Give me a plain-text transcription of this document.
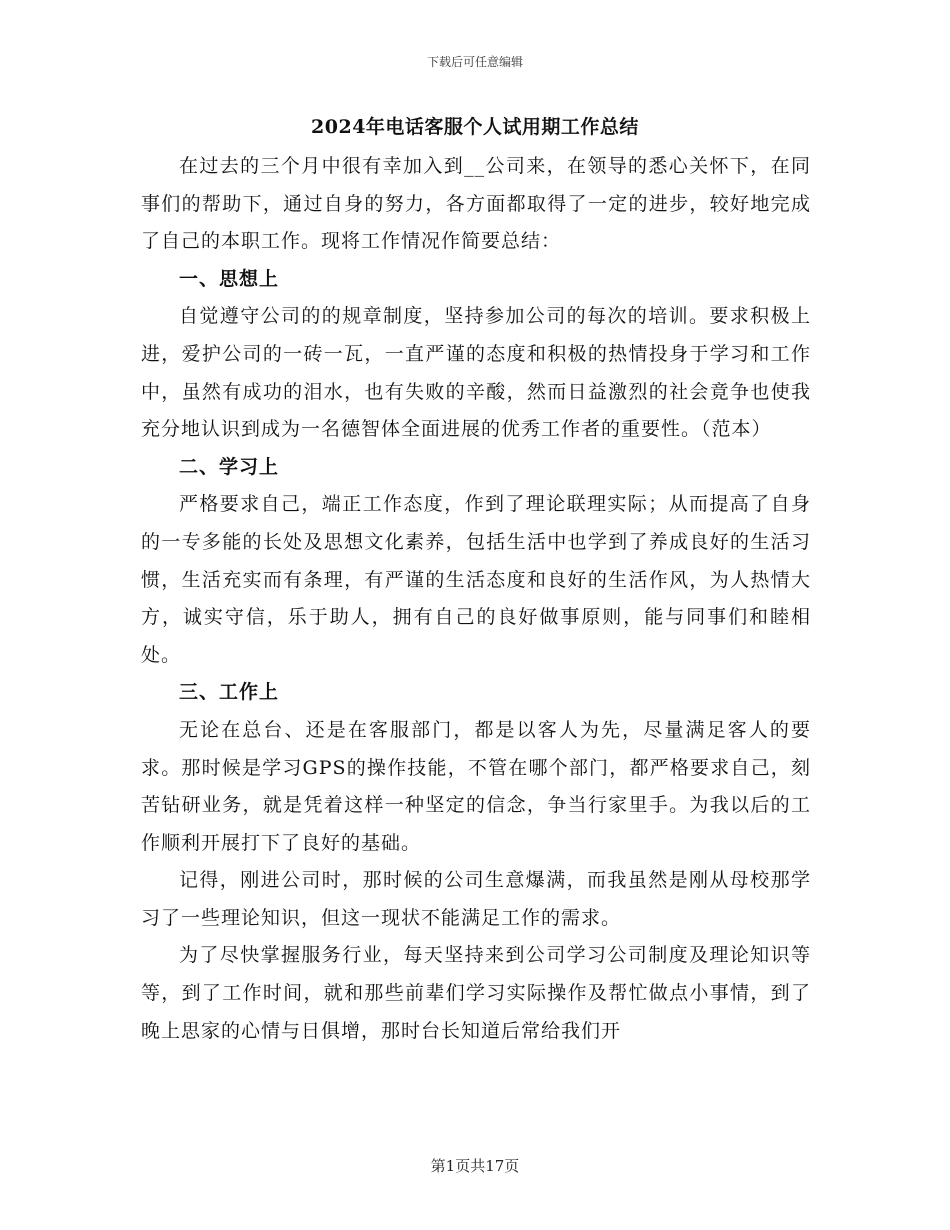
下载后可任意编辑
2024年电话客服个人试用期工作总结

在过去的三个月中很有幸加入到__公司来，在领导的悉心关怀下，在同事们的帮助下，通过自身的努力，各方面都取得了一定的进步，较好地完成了自己的本职工作。现将工作情况作简要总结：

一、思想上

自觉遵守公司的的规章制度，坚持参加公司的每次的培训。要求积极上进，爱护公司的一砖一瓦，一直严谨的态度和积极的热情投身于学习和工作中，虽然有成功的泪水，也有失败的辛酸，然而日益激烈的社会竟争也使我充分地认识到成为一名德智体全面进展的优秀工作者的重要性。（范本）

二、学习上

严格要求自己，端正工作态度，作到了理论联理实际；从而提高了自身的一专多能的长处及思想文化素养，包括生活中也学到了养成良好的生活习惯，生活充实而有条理，有严谨的生活态度和良好的生活作风，为人热情大方，诚实守信，乐于助人，拥有自己的良好做事原则，能与同事们和睦相处。

三、工作上

无论在总台、还是在客服部门，都是以客人为先，尽量满足客人的要求。那时候是学习GPS的操作技能，不管在哪个部门，都严格要求自己，刻苦钻研业务，就是凭着这样一种坚定的信念，争当行家里手。为我以后的工作顺利开展打下了良好的基础。

记得，刚进公司时，那时候的公司生意爆满，而我虽然是刚从母校那学习了一些理论知识，但这一现状不能满足工作的需求。

为了尽快掌握服务行业，每天坚持来到公司学习公司制度及理论知识等等，到了工作时间，就和那些前辈们学习实际操作及帮忙做点小事情，到了晚上思家的心情与日俱增，那时台长知道后常给我们开

第1页共17页
